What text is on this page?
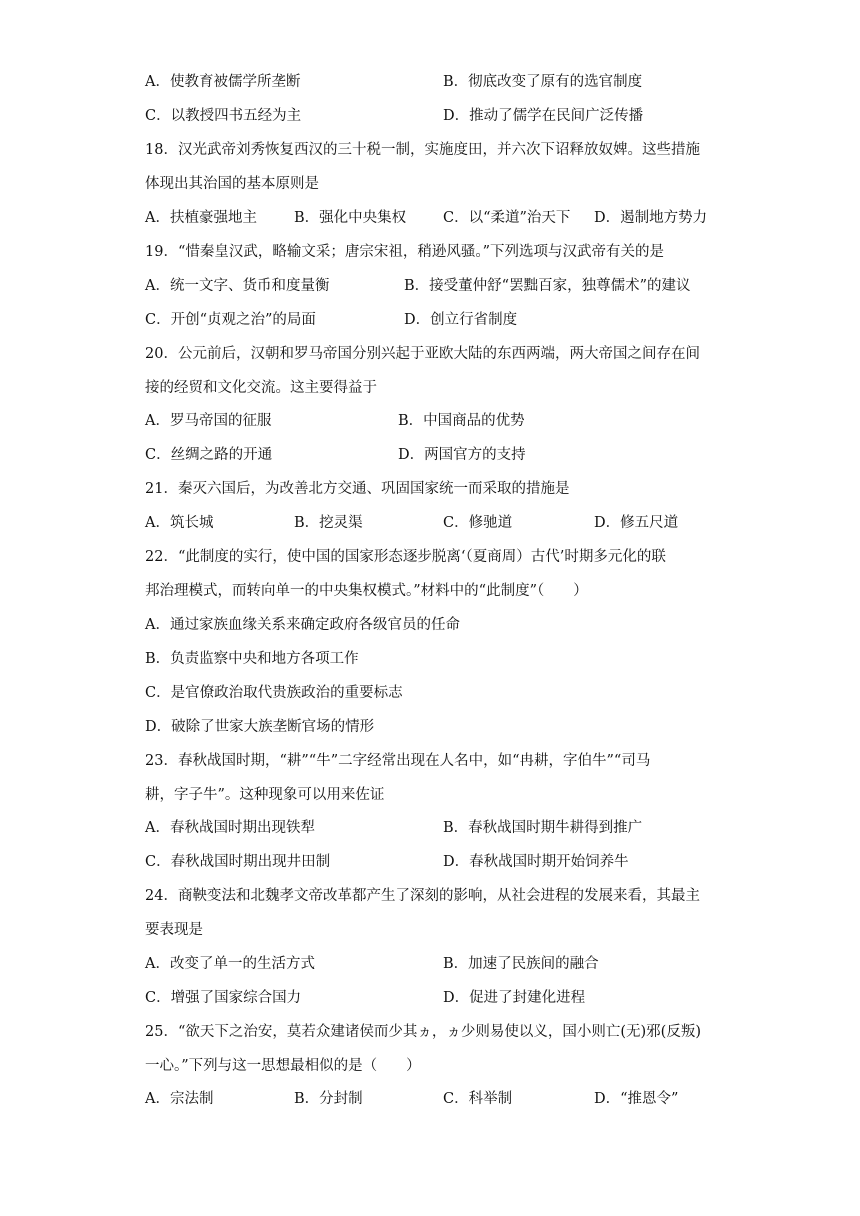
A．使教育被儒学所垄断	B．彻底改变了原有的选官制度
C．以教授四书五经为主	D．推动了儒学在民间广泛传播
18．汉光武帝刘秀恢复西汉的三十税一制，实施度田，并六次下诏释放奴婢。这些措施
体现出其治国的基本原则是
A．扶植豪强地主	B．强化中央集权	C．以“柔道”治天下 D．遏制地方势力
19．“惜秦皇汉武，略输文采；唐宗宋祖，稍逊风骚。”下列选项与汉武帝有关的是
A．统一文字、货币和度量衡	B．接受董仲舒“罢黜百家，独尊儒术”的建议
C．开创“贞观之治”的局面	D．创立行省制度
20．公元前后，汉朝和罗马帝国分别兴起于亚欧大陆的东西两端，两大帝国之间存在间
接的经贸和文化交流。这主要得益于
A．罗马帝国的征服	B．中国商品的优势
C．丝绸之路的开通	D．两国官方的支持
21．秦灭六国后，为改善北方交通、巩固国家统一而采取的措施是
A．筑长城	B．挖灵渠	C．修驰道	D．修五尺道
22．“此制度的实行，使中国的国家形态逐步脱离‘（夏商周）古代’时期多元化的联
邦治理模式，而转向单一的中央集权模式。”材料中的“此制度”（　　）
A．通过家族血缘关系来确定政府各级官员的任命
B．负责监察中央和地方各项工作
C．是官僚政治取代贵族政治的重要标志
D．破除了世家大族垄断官场的情形
23．春秋战国时期，“耕”“牛”二字经常出现在人名中，如“冉耕，字伯牛”“司马
耕，字子牛”。这种现象可以用来佐证
A．春秋战国时期出现铁犁	B．春秋战国时期牛耕得到推广
C．春秋战国时期出现井田制	D．春秋战国时期开始饲养牛
24．商鞅变法和北魏孝文帝改革都产生了深刻的影响，从社会进程的发展来看，其最主
要表现是
A．改变了单一的生活方式	B．加速了民族间的融合
C．增强了国家综合国力	D．促进了封建化进程
25．“欲天下之治安，莫若众建诸侯而少其ヵ，ヵ少则易使以义，国小则亡(无)邪(反叛)
一心。”下列与这一思想最相似的是（　　）
A．宗法制	B．分封制	C．科举制	D．“推恩令”
